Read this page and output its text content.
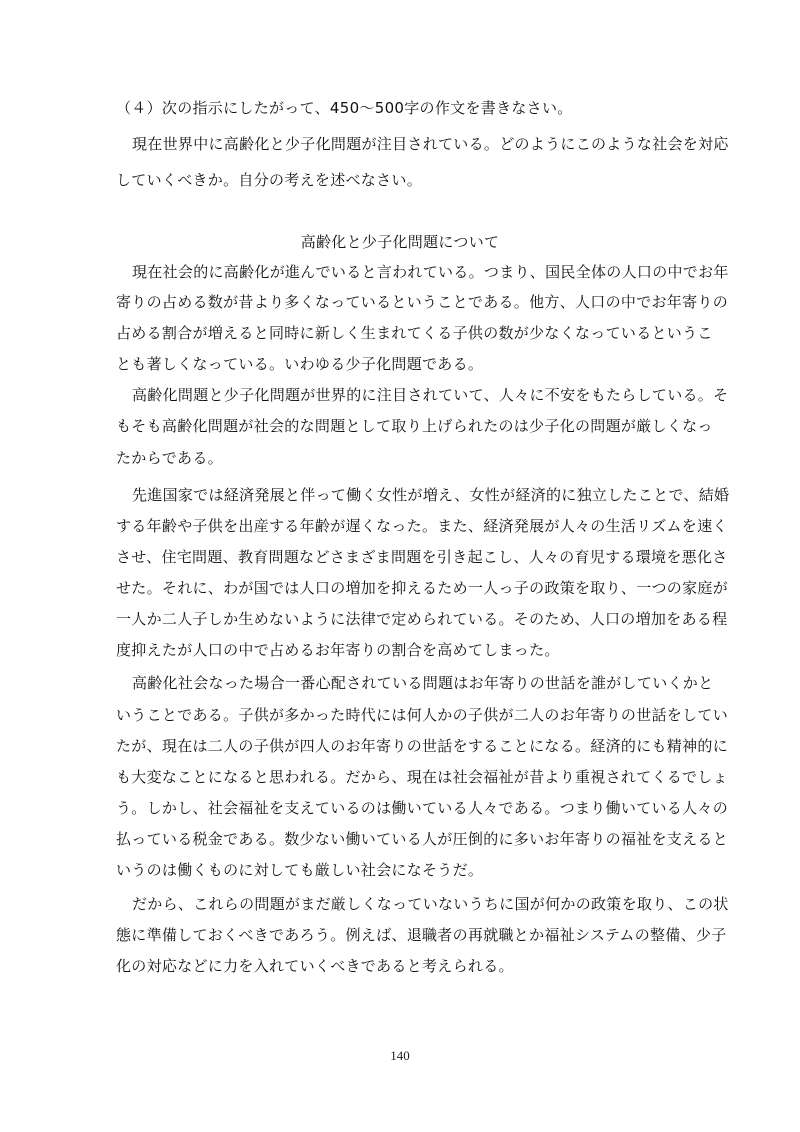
（４）次の指示にしたがって、450～500字の作文を書きなさい。
現在世界中に高齢化と少子化問題が注目されている。どのようにこのような社会を対応
していくべきか。自分の考えを述べなさい。
高齢化と少子化問題について
現在社会的に高齢化が進んでいると言われている。つまり、国民全体の人口の中でお年
寄りの占める数が昔より多くなっているということである。他方、人口の中でお年寄りの
占める割合が増えると同時に新しく生まれてくる子供の数が少なくなっているというこ
とも著しくなっている。いわゆる少子化問題である。
高齢化問題と少子化問題が世界的に注目されていて、人々に不安をもたらしている。そ
もそも高齢化問題が社会的な問題として取り上げられたのは少子化の問題が厳しくなっ
たからである。
先進国家では経済発展と伴って働く女性が増え、女性が経済的に独立したことで、結婚
する年齢や子供を出産する年齢が遅くなった。また、経済発展が人々の生活リズムを速く
させ、住宅問題、教育問題などさまざま問題を引き起こし、人々の育児する環境を悪化さ
せた。それに、わが国では人口の増加を抑えるため一人っ子の政策を取り、一つの家庭が
一人か二人子しか生めないように法律で定められている。そのため、人口の増加をある程
度抑えたが人口の中で占めるお年寄りの割合を高めてしまった。
高齢化社会なった場合一番心配されている問題はお年寄りの世話を誰がしていくかと
いうことである。子供が多かった時代には何人かの子供が二人のお年寄りの世話をしてい
たが、現在は二人の子供が四人のお年寄りの世話をすることになる。経済的にも精神的に
も大変なことになると思われる。だから、現在は社会福祉が昔より重視されてくるでしょ
う。しかし、社会福祉を支えているのは働いている人々である。つまり働いている人々の
払っている税金である。数少ない働いている人が圧倒的に多いお年寄りの福祉を支えると
いうのは働くものに対しても厳しい社会になそうだ。
だから、これらの問題がまだ厳しくなっていないうちに国が何かの政策を取り、この状
態に準備しておくべきであろう。例えば、退職者の再就職とか福祉システムの整備、少子
化の対応などに力を入れていくべきであると考えられる。
140
